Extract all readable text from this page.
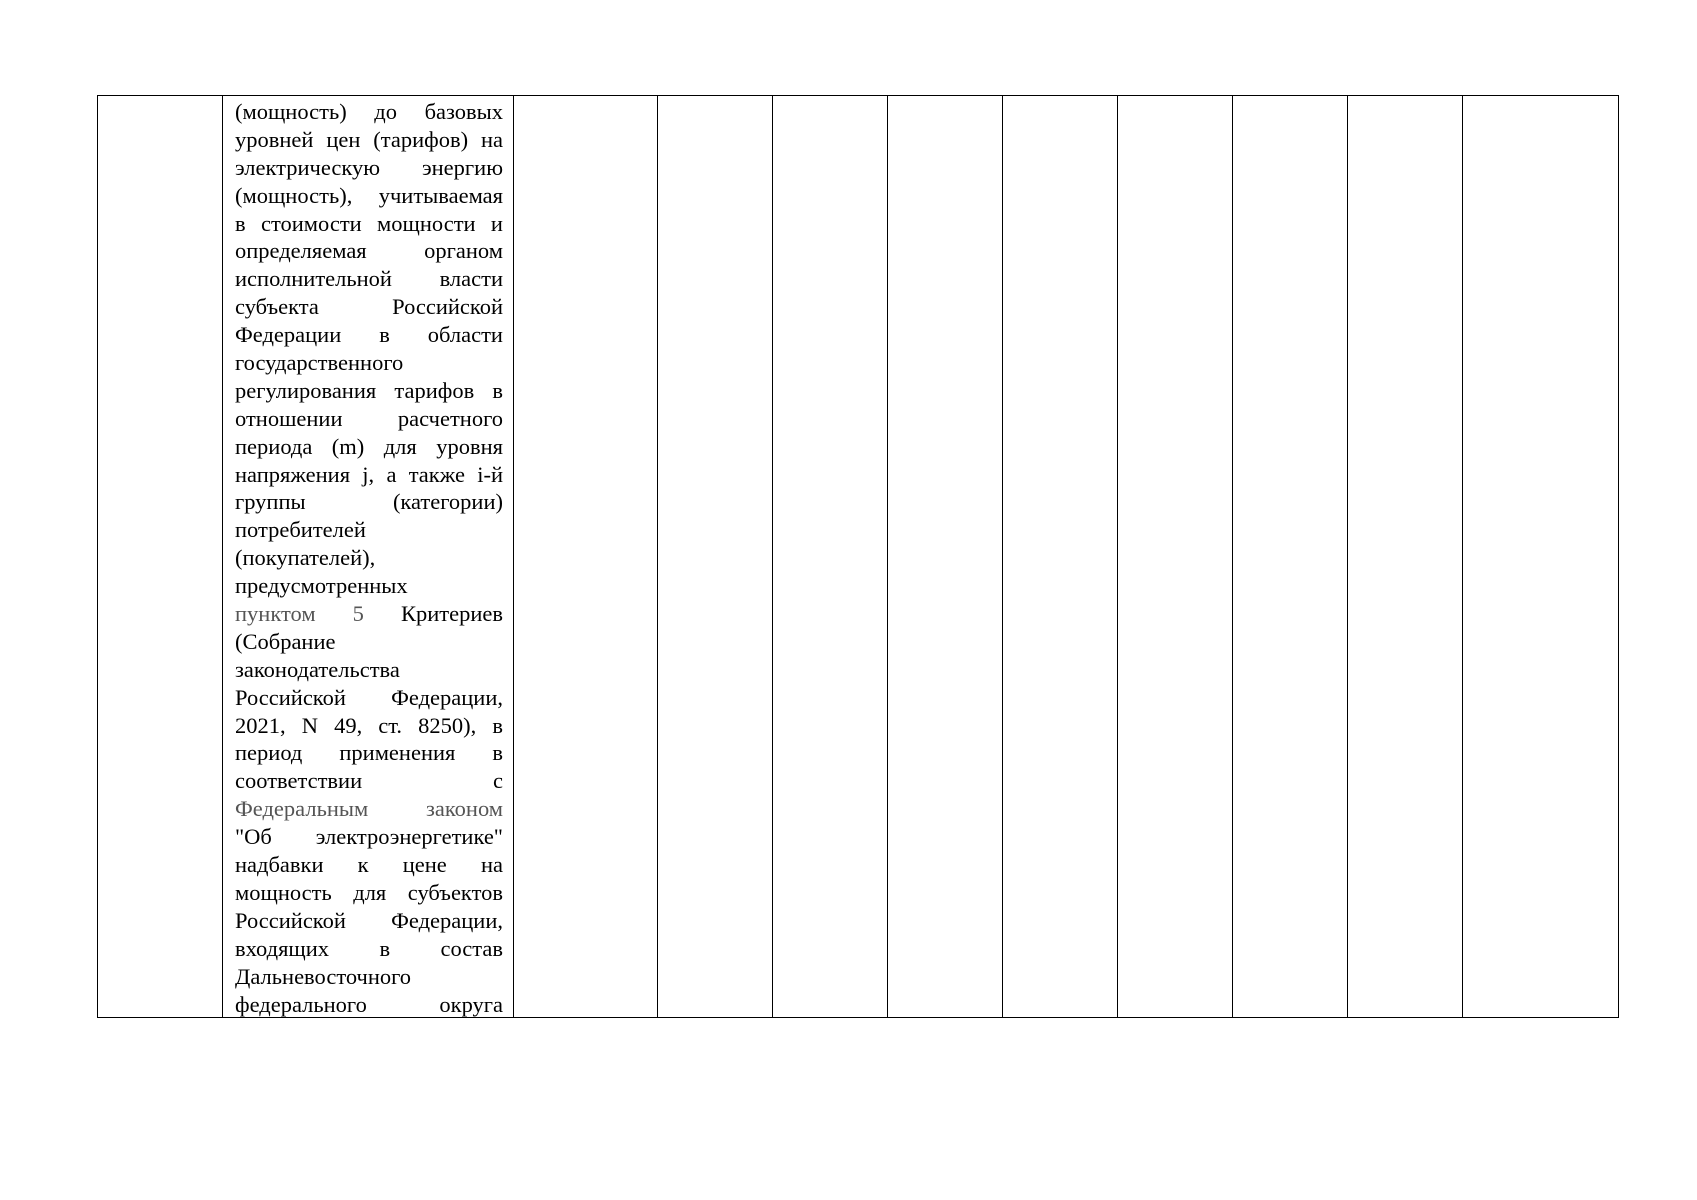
(мощность) до базовых
уровней цен (тарифов) на
электрическую энергию
(мощность), учитываемая
в стоимости мощности и
определяемая	органом
исполнительной власти
субъекта	Российской
Федерации в области
государственного
регулирования тарифов в
отношении расчетного
периода (m) для уровня
напряжения j, а также i-й
группы	(категории)
потребителей
(покупателей),
предусмотренных
пунктом 5 Критериев
(Собрание
законодательства
Российской Федерации,
2021, N 49, ст. 8250), в
период применения в
соответствии	с
Федеральным	законом
"Об электроэнергетике"
надбавки к цене на
мощность для субъектов
Российской Федерации,
входящих в состав
Дальневосточного
федерального	округа
